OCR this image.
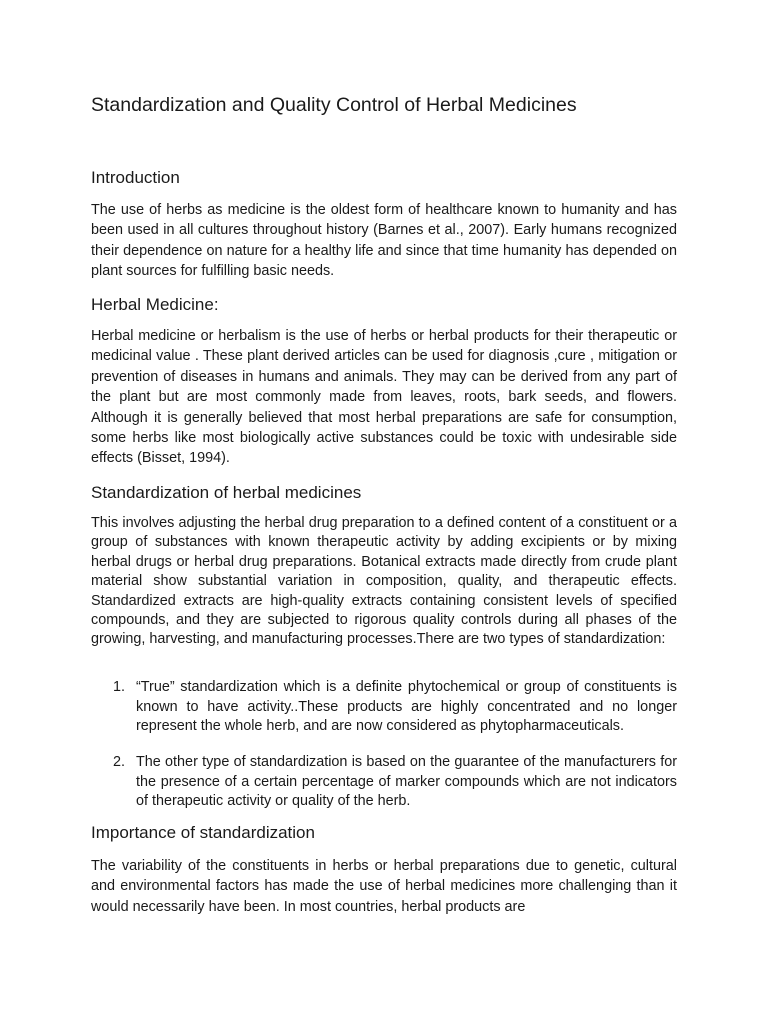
Standardization and Quality Control of Herbal Medicines
Introduction

The use of herbs as medicine is the oldest form of healthcare known to humanity and has been used in all cultures throughout history (Barnes et al., 2007). Early humans recognized their dependence on nature for a healthy life and since that time humanity has depended on plant sources for fulfilling basic needs.

Herbal Medicine:

Herbal medicine or herbalism is the use of herbs or herbal products for their therapeutic or medicinal value . These plant derived articles can be used for diagnosis ,cure , mitigation or prevention of diseases in humans and animals. They may can be derived from any part of the plant but are most commonly made from leaves, roots, bark seeds, and flowers. Although it is generally believed that most herbal preparations are safe for consumption, some herbs like most biologically active substances could be toxic with undesirable side effects (Bisset, 1994).

Standardization of herbal medicines

This involves adjusting the herbal drug preparation to a defined content of a constituent or a group of substances with known therapeutic activity by adding excipients or by mixing herbal drugs or herbal drug preparations. Botanical extracts made directly from crude plant material show substantial variation in composition, quality, and therapeutic effects. Standardized extracts are high-quality extracts containing consistent levels of specified compounds, and they are subjected to rigorous quality controls during all phases of the growing, harvesting, and manufacturing processes.There are two types of standardization:

1. “True” standardization which is a definite phytochemical or group of constituents is known to have activity..These products are highly concentrated and no longer represent the whole herb, and are now considered as phytopharmaceuticals.
2. The other type of standardization is based on the guarantee of the manufacturers for the presence of a certain percentage of marker compounds which are not indicators of therapeutic activity or quality of the herb.
Importance of standardization

The variability of the constituents in herbs or herbal preparations due to genetic, cultural and environmental factors has made the use of herbal medicines more challenging than it would necessarily have been. In most countries, herbal products are
